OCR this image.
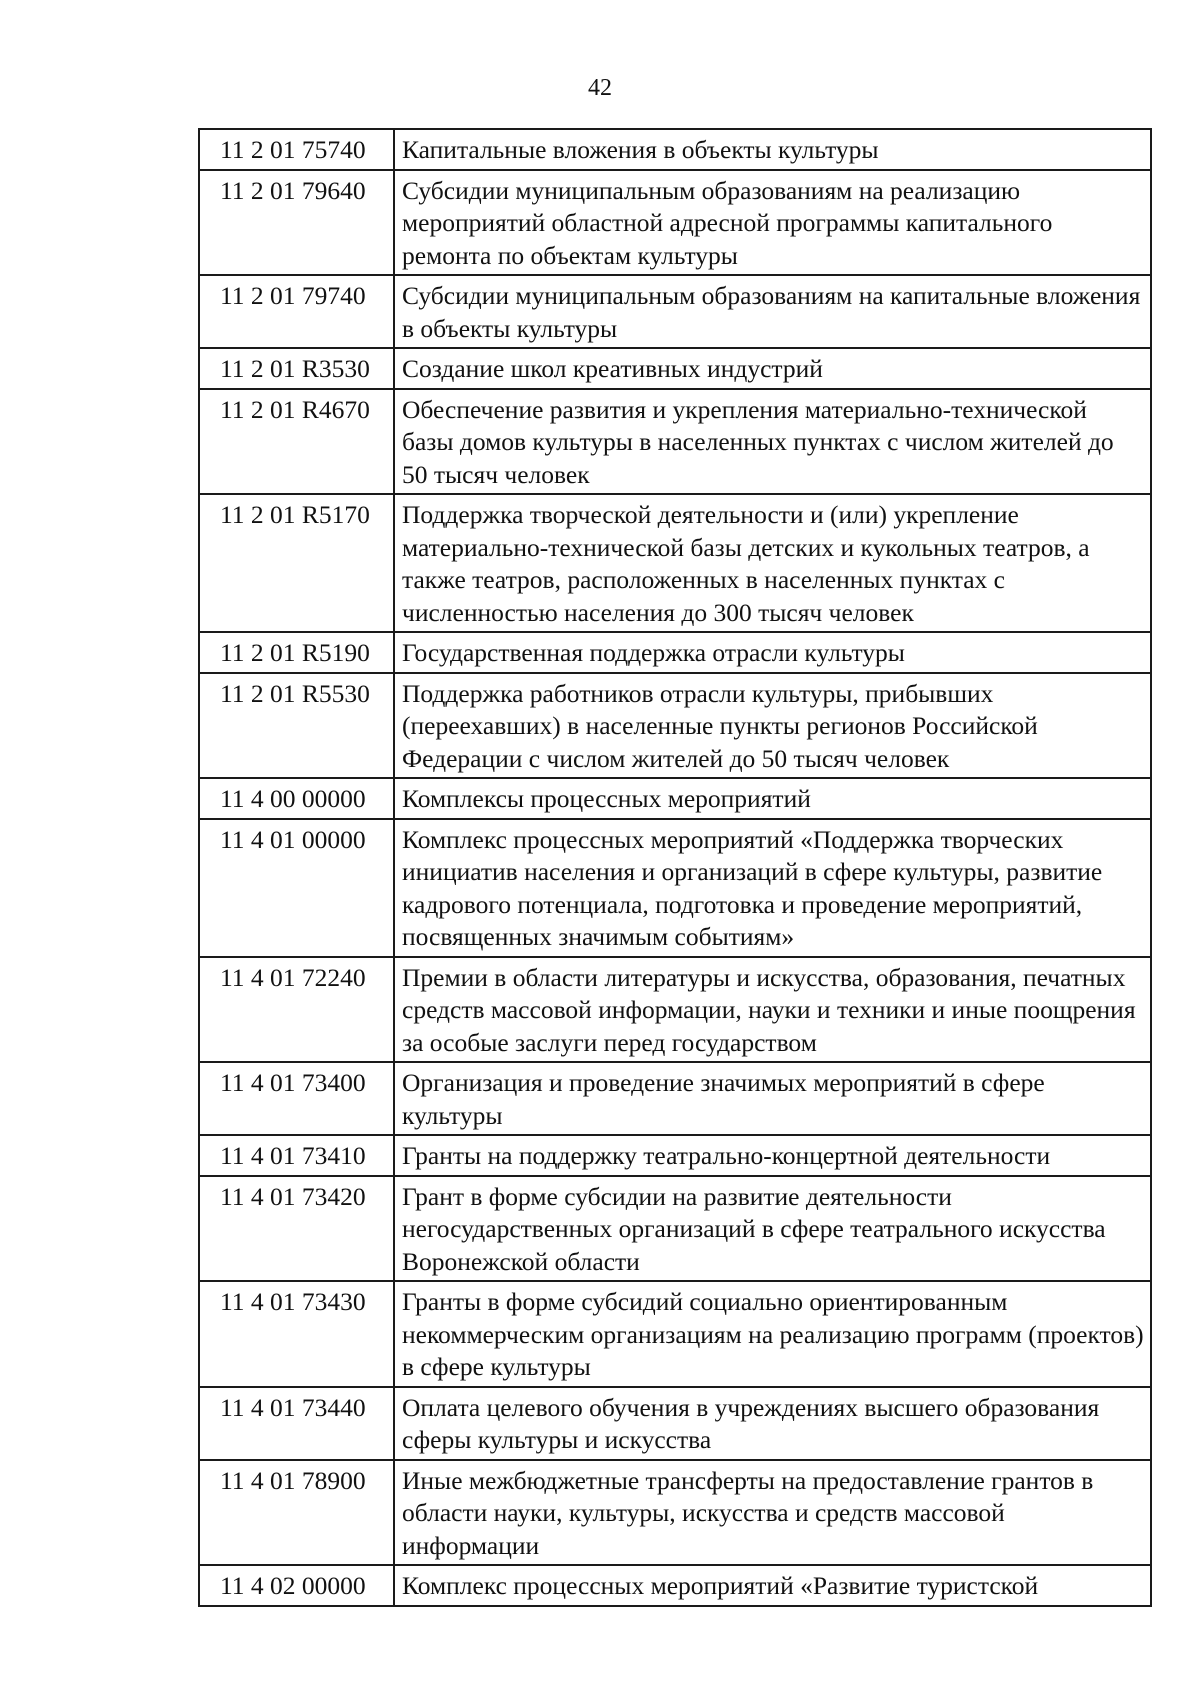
42
11 2 01 75740	Капитальные вложения в объекты культуры
11 2 01 79640	Субсидии муниципальным образованиям на реализацию мероприятий областной адресной программы капитального ремонта по объектам культуры
11 2 01 79740	Субсидии муниципальным образованиям на капитальные вложения в объекты культуры
11 2 01 R3530	Создание школ креативных индустрий
11 2 01 R4670	Обеспечение развития и укрепления материально-технической базы домов культуры в населенных пунктах с числом жителей до 50 тысяч человек
11 2 01 R5170	Поддержка творческой деятельности и (или) укрепление материально-технической базы детских и кукольных театров, а также театров, расположенных в населенных пунктах с численностью населения до 300 тысяч человек
11 2 01 R5190	Государственная поддержка отрасли культуры
11 2 01 R5530	Поддержка работников отрасли культуры, прибывших (переехавших) в населенные пункты регионов Российской Федерации с числом жителей до 50 тысяч человек
11 4 00 00000	Комплексы процессных мероприятий
11 4 01 00000	Комплекс процессных мероприятий «Поддержка творческих инициатив населения и организаций в сфере культуры, развитие кадрового потенциала, подготовка и проведение мероприятий, посвященных значимым событиям»
11 4 01 72240	Премии в области литературы и искусства, образования, печатных средств массовой информации, науки и техники и иные поощрения за особые заслуги перед государством
11 4 01 73400	Организация и проведение значимых мероприятий в сфере культуры
11 4 01 73410	Гранты на поддержку театрально-концертной деятельности
11 4 01 73420	Грант в форме субсидии на развитие деятельности негосударственных организаций в сфере театрального искусства Воронежской области
11 4 01 73430	Гранты в форме субсидий социально ориентированным некоммерческим организациям на реализацию программ (проектов) в сфере культуры
11 4 01 73440	Оплата целевого обучения в учреждениях высшего образования сферы культуры и искусства
11 4 01 78900	Иные межбюджетные трансферты на предоставление грантов в области науки, культуры, искусства и средств массовой информации
11 4 02 00000	Комплекс процессных мероприятий «Развитие туристской
